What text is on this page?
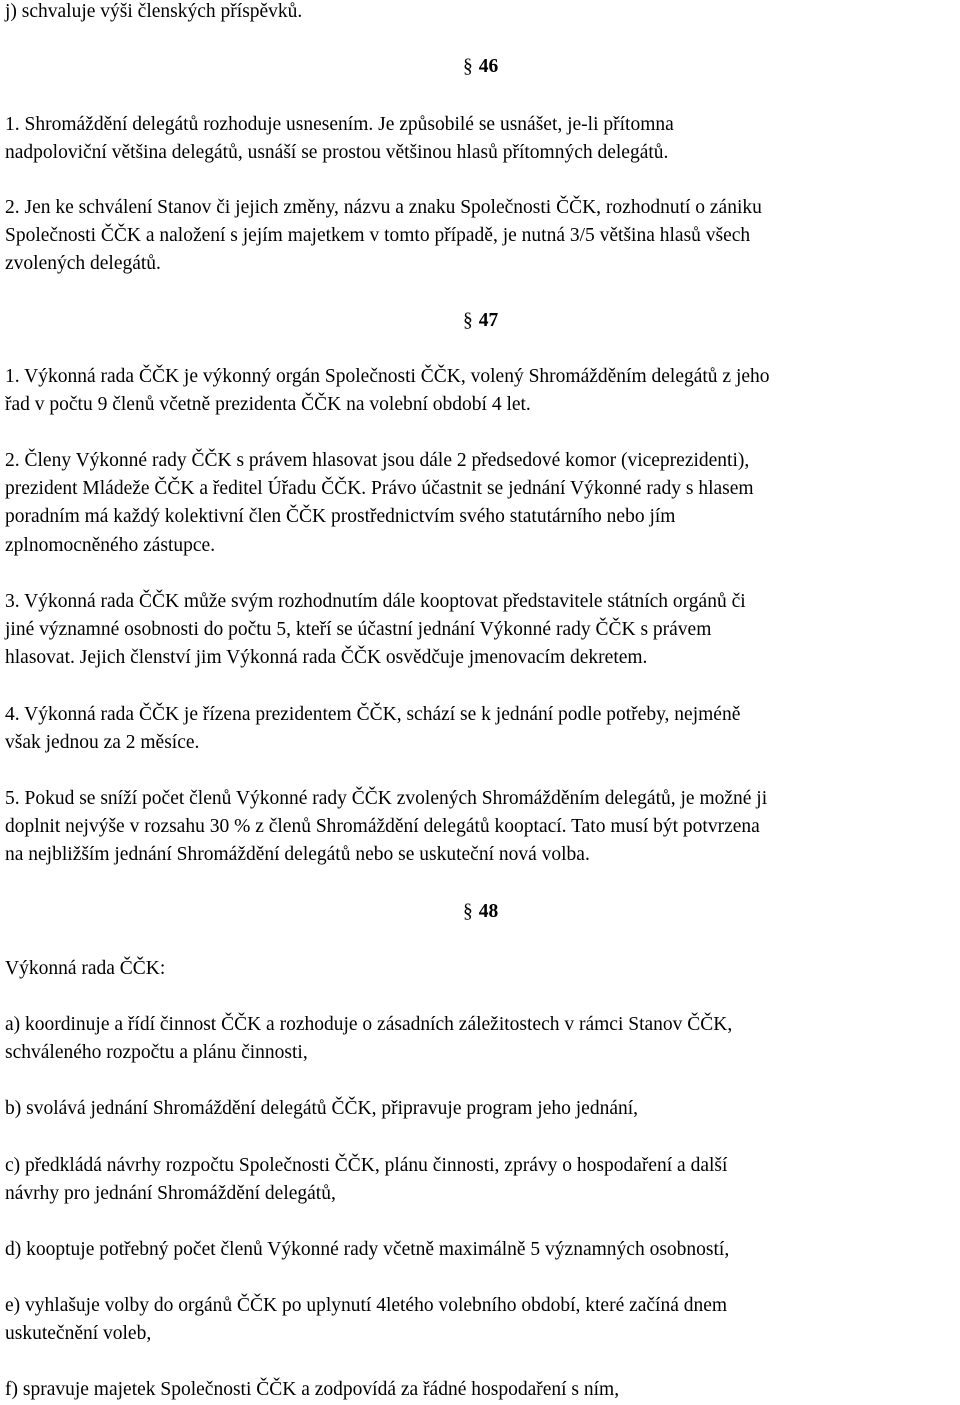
j) schvaluje výši členských příspěvků.

§ 46

1. Shromáždění delegátů rozhoduje usnesením. Je způsobilé se usnášet, je-li přítomna

nadpoloviční většina delegátů, usnáší se prostou většinou hlasů přítomných delegátů.

2. Jen ke schválení Stanov či jejich změny, názvu a znaku Společnosti ČČK, rozhodnutí o zániku

Společnosti ČČK a naložení s jejím majetkem v tomto případě, je nutná 3/5 většina hlasů všech

zvolených delegátů.

§ 47

1. Výkonná rada ČČK je výkonný orgán Společnosti ČČK, volený Shromážděním delegátů z jeho

řad v počtu 9 členů včetně prezidenta ČČK na volební období 4 let.

2. Členy Výkonné rady ČČK s právem hlasovat jsou dále 2 předsedové komor (viceprezidenti),

prezident Mládeže ČČK a ředitel Úřadu ČČK. Právo účastnit se jednání Výkonné rady s hlasem

poradním má každý kolektivní člen ČČK prostřednictvím svého statutárního nebo jím

zplnomocněného zástupce.

3. Výkonná rada ČČK může svým rozhodnutím dále kooptovat představitele státních orgánů či

jiné významné osobnosti do počtu 5, kteří se účastní jednání Výkonné rady ČČK s právem

hlasovat. Jejich členství jim Výkonná rada ČČK osvědčuje jmenovacím dekretem.

4. Výkonná rada ČČK je řízena prezidentem ČČK, schází se k jednání podle potřeby, nejméně

však jednou za 2 měsíce.

5. Pokud se sníží počet členů Výkonné rady ČČK zvolených Shromážděním delegátů, je možné ji

doplnit nejvýše v rozsahu 30 % z členů Shromáždění delegátů kooptací. Tato musí být potvrzena

na nejbližším jednání Shromáždění delegátů nebo se uskuteční nová volba.

§ 48

Výkonná rada ČČK:

a) koordinuje a řídí činnost ČČK a rozhoduje o zásadních záležitostech v rámci Stanov ČČK,

schváleného rozpočtu a plánu činnosti,

b) svolává jednání Shromáždění delegátů ČČK, připravuje program jeho jednání,

c) předkládá návrhy rozpočtu Společnosti ČČK, plánu činnosti, zprávy o hospodaření a další

návrhy pro jednání Shromáždění delegátů,

d) kooptuje potřebný počet členů Výkonné rady včetně maximálně 5 významných osobností,

e) vyhlašuje volby do orgánů ČČK po uplynutí 4letého volebního období, které začíná dnem

uskutečnění voleb,

f) spravuje majetek Společnosti ČČK a zodpovídá za řádné hospodaření s ním,
